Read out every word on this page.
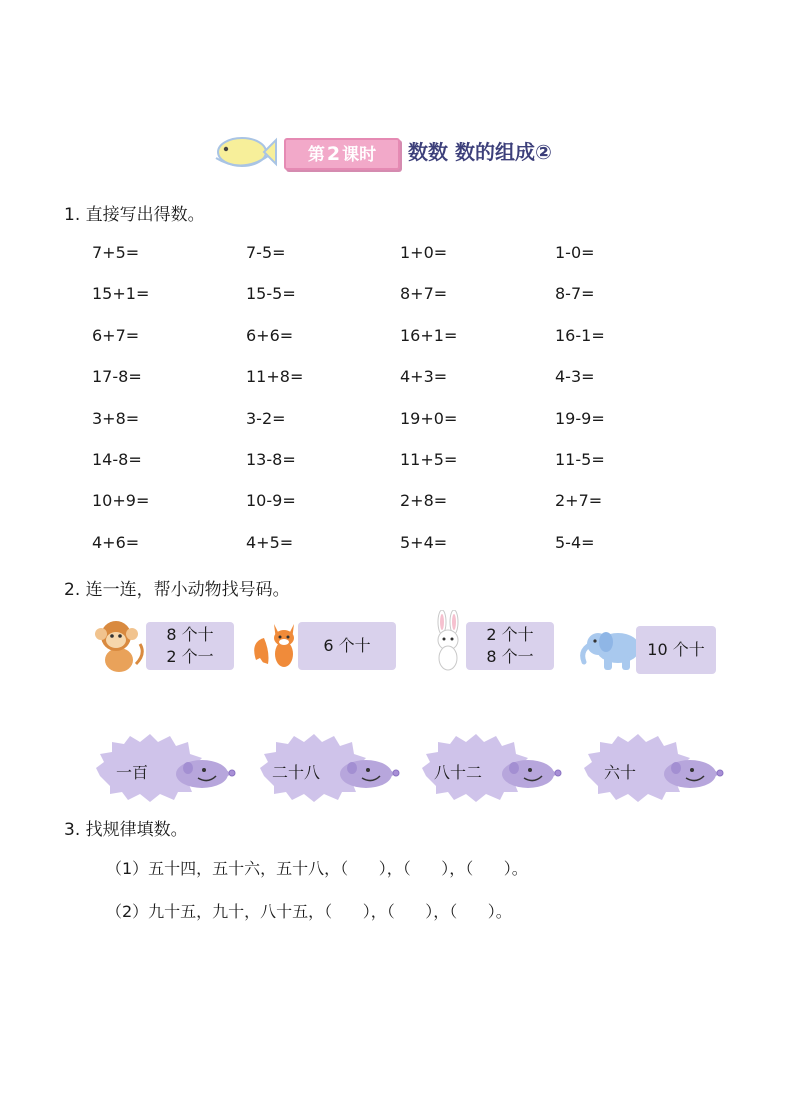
第 2 课时	数数 数的组成②
1. 直接写出得数。
7+5=	7-5=	1+0=	1-0=
15+1=	15-5=	8+7=	8-7=
6+7=	6+6=	16+1=	16-1=
17-8=	11+8=	4+3=	4-3=
3+8=	3-2=	19+0=	19-9=
14-8=	13-8=	11+5=	11-5=
10+9=	10-9=	2+8=	2+7=
4+6=	4+5=	5+4=	5-4=
2. 连一连，帮小动物找号码。
8 个十
2 个一
6 个十
2 个十
8 个一	10 个十
一百	二十八	八十二	六十
3. 找规律填数。
（1）五十四，五十六，五十八，（      ），（      ），（      ）。
（2）九十五，九十，八十五，（      ），（      ），（      ）。
